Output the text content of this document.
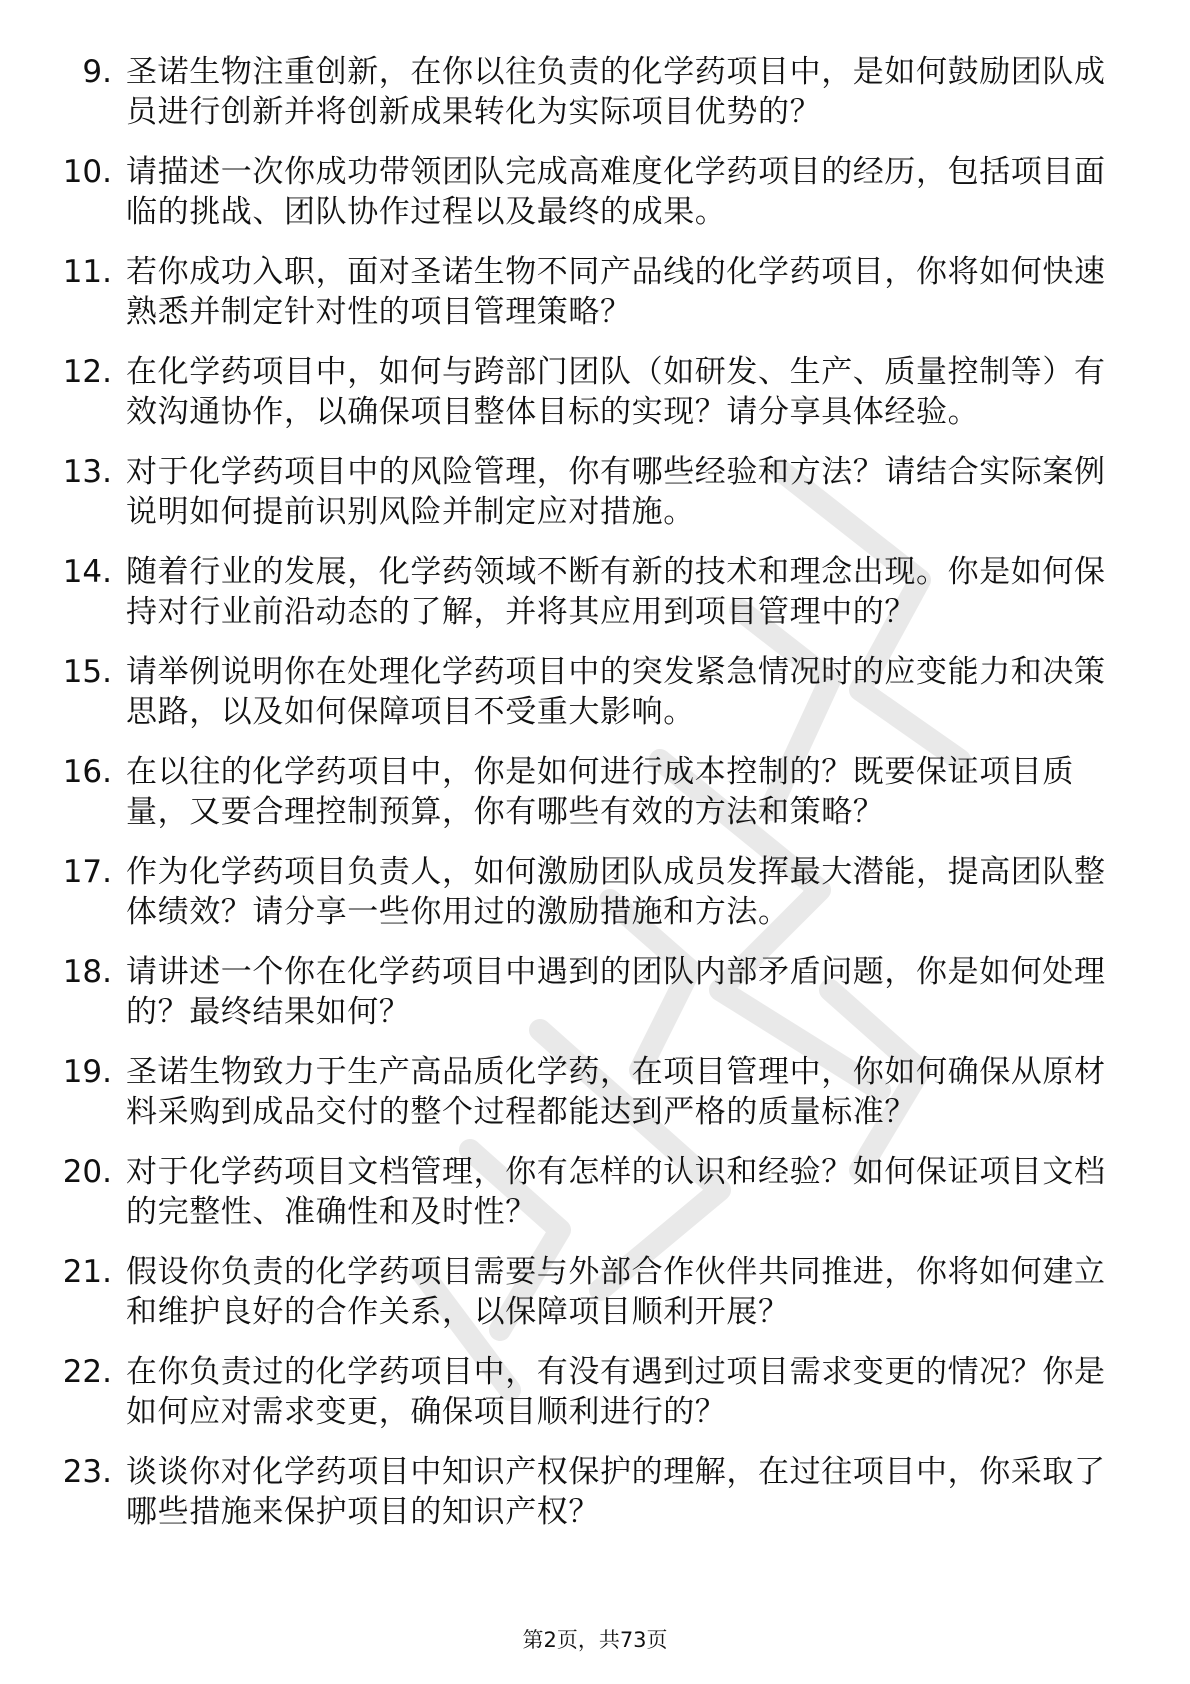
9. 圣诺生物注重创新，在你以往负责的化学药项目中，是如何鼓励团队成员进行创新并将创新成果转化为实际项目优势的？
10. 请描述一次你成功带领团队完成高难度化学药项目的经历，包括项目面临的挑战、团队协作过程以及最终的成果。
11. 若你成功入职，面对圣诺生物不同产品线的化学药项目，你将如何快速熟悉并制定针对性的项目管理策略？
12. 在化学药项目中，如何与跨部门团队（如研发、生产、质量控制等）有效沟通协作，以确保项目整体目标的实现？请分享具体经验。
13. 对于化学药项目中的风险管理，你有哪些经验和方法？请结合实际案例说明如何提前识别风险并制定应对措施。
14. 随着行业的发展，化学药领域不断有新的技术和理念出现。你是如何保持对行业前沿动态的了解，并将其应用到项目管理中的？
15. 请举例说明你在处理化学药项目中的突发紧急情况时的应变能力和决策思路，以及如何保障项目不受重大影响。
16. 在以往的化学药项目中，你是如何进行成本控制的？既要保证项目质量，又要合理控制预算，你有哪些有效的方法和策略？
17. 作为化学药项目负责人，如何激励团队成员发挥最大潜能，提高团队整体绩效？请分享一些你用过的激励措施和方法。
18. 请讲述一个你在化学药项目中遇到的团队内部矛盾问题，你是如何处理的？最终结果如何？
19. 圣诺生物致力于生产高品质化学药，在项目管理中，你如何确保从原材料采购到成品交付的整个过程都能达到严格的质量标准？
20. 对于化学药项目文档管理，你有怎样的认识和经验？如何保证项目文档的完整性、准确性和及时性？
21. 假设你负责的化学药项目需要与外部合作伙伴共同推进，你将如何建立和维护良好的合作关系，以保障项目顺利开展？
22. 在你负责过的化学药项目中，有没有遇到过项目需求变更的情况？你是如何应对需求变更，确保项目顺利进行的？
23. 谈谈你对化学药项目中知识产权保护的理解，在过往项目中，你采取了哪些措施来保护项目的知识产权？
第2页，共73页
